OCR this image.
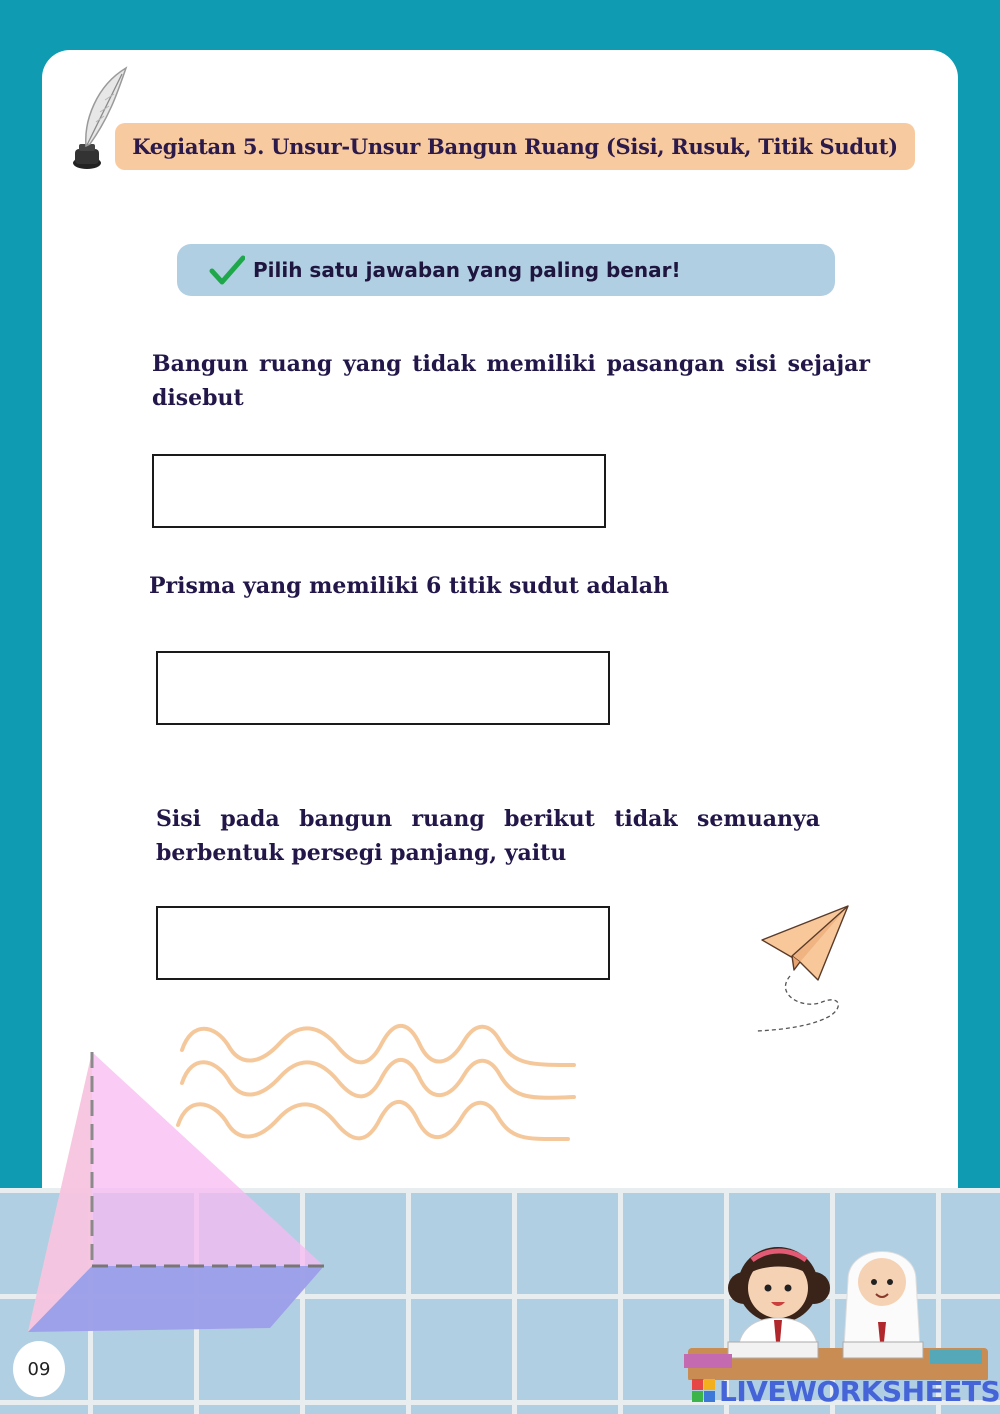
Kegiatan 5. Unsur-Unsur Bangun Ruang (Sisi, Rusuk, Titik Sudut)
Pilih satu jawaban yang paling benar!
Bangun ruang yang tidak memiliki pasangan sisi sejajar disebut
Prisma yang memiliki 6 titik sudut adalah
Sisi pada bangun ruang berikut tidak semuanya berbentuk persegi panjang, yaitu
09
LIVEWORKSHEETS
